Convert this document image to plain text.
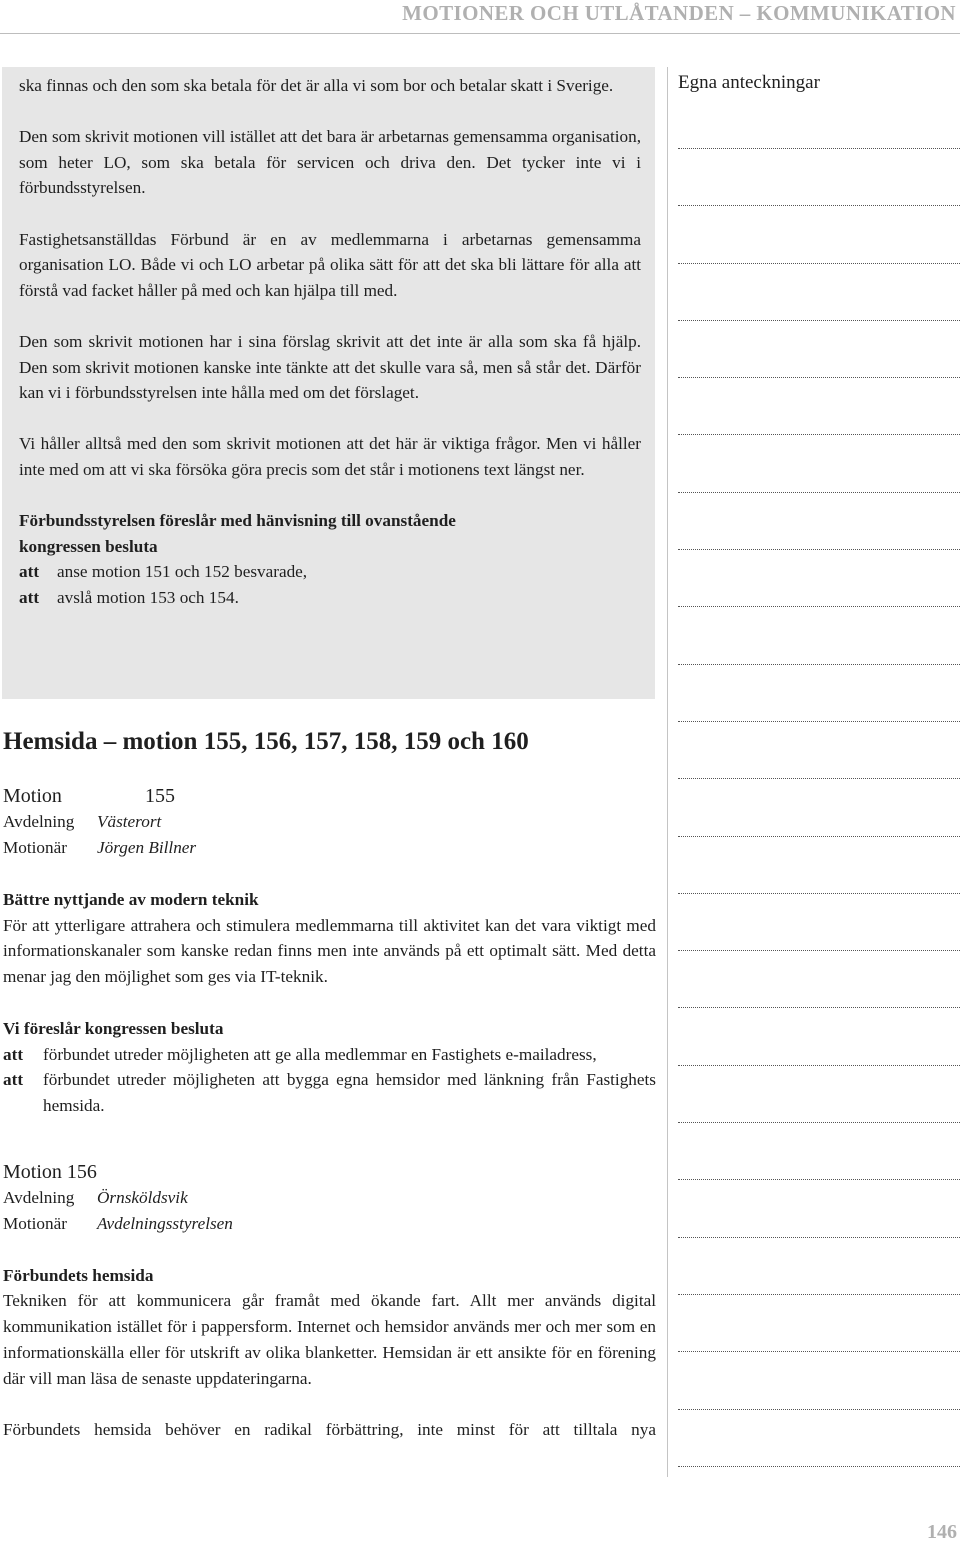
MOTIONER OCH UTLÅTANDEN – KOMMUNIKATION

ska finnas och den som ska betala för det är alla vi som bor och betalar skatt i Sverige.

Den som skrivit motionen vill istället att det bara är arbetarnas gemensamma organisation, som heter LO, som ska betala för servicen och driva den. Det tycker inte vi i förbundsstyrelsen.

Fastighetsanställdas Förbund är en av medlemmarna i arbetarnas gemensamma organisation LO. Både vi och LO arbetar på olika sätt för att det ska bli lättare för alla att förstå vad facket håller på med och kan hjälpa till med.

Den som skrivit motionen har i sina förslag skrivit att det inte är alla som ska få hjälp. Den som skrivit motionen kanske inte tänkte att det skulle vara så, men så står det. Därför kan vi i förbundsstyrelsen inte hålla med om det förslaget.

Vi håller alltså med den som skrivit motionen att det här är viktiga frågor. Men vi håller inte med om att vi ska försöka göra precis som det står i motionens text längst ner.

Förbundsstyrelsen föreslår med hänvisning till ovanstående
kongressen besluta
att	anse motion 151 och 152 besvarade,
att	avslå motion 153 och 154.
Egna anteckningar
Hemsida – motion 155, 156, 157, 158, 159 och 160
Motion	155
Avdelning	Västerort
Motionär	Jörgen Billner
Bättre nyttjande av modern teknik

För att ytterligare attrahera och stimulera medlemmarna till aktivitet kan det vara viktigt med informationskanaler som kanske redan finns men inte används på ett optimalt sätt. Med detta menar jag den möjlighet som ges via IT-teknik.

Vi föreslår kongressen besluta
att	förbundet utreder möjligheten att ge alla medlemmar en Fastighets e-mailadress,
att	förbundet utreder möjligheten att bygga egna hemsidor med länkning från Fastighets hemsida.
Motion 156
Avdelning	Örnsköldsvik
Motionär	Avdelningsstyrelsen
Förbundets hemsida

Tekniken för att kommunicera går framåt med ökande fart. Allt mer används digital kommunikation istället för i pappersform. Internet och hemsidor används mer och mer som en informationskälla eller för utskrift av olika blanketter. Hemsidan är ett ansikte för en förening där vill man läsa de senaste uppdateringarna.

Förbundets hemsida behöver en radikal förbättring, inte minst för att tilltala nya

146
